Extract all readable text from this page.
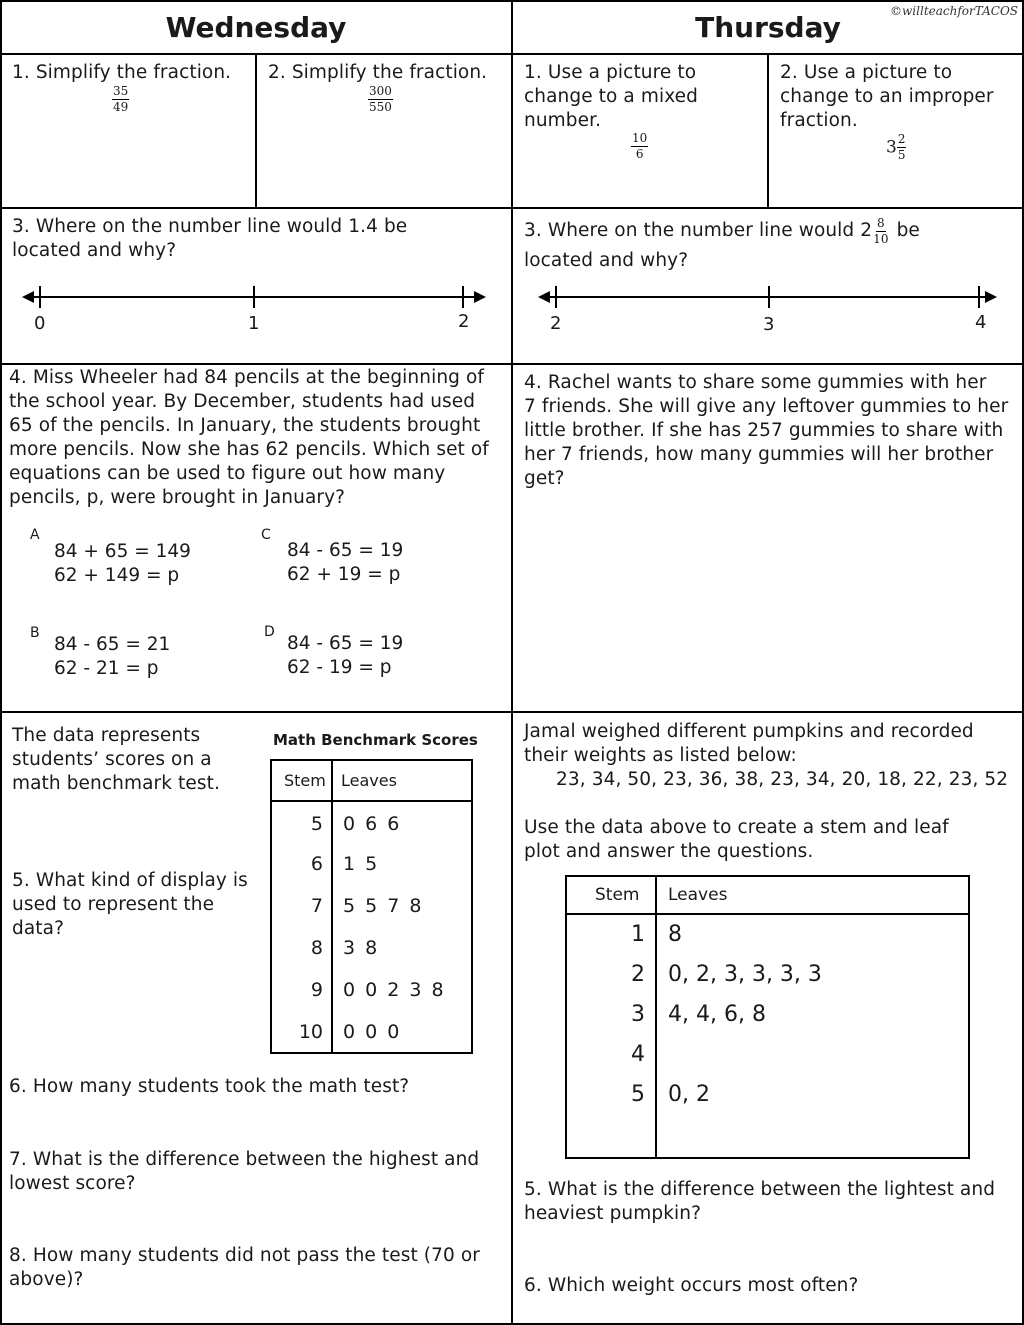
Wednesday	Thursday	©willteachforTACOS
1. Simplify the fraction.
$\frac{35}{49}$
2. Simplify the fraction.
$\frac{300}{550}$
1. Use a picture to
change to a mixed
number.
$\frac{10}{6}$
2. Use a picture to
change to an improper
fraction.
$3 \frac{2}{5}$
3. Where on the number line would 1.4 be
located and why?
0	1	2
3. Where on the number line would $2 \frac{8}{10}$ be
located and why?
2	3	4
4. Miss Wheeler had 84 pencils at the beginning of
the school year. By December, students had used
65 of the pencils. In January, the students brought
more pencils. Now she has 62 pencils. Which set of
equations can be used to figure out how many
pencils, p, were brought in January?
A
84 + 65 = 149
62 + 149 = p
C
84 - 65 = 19
62 + 19 = p
B
84 - 65 = 21
62 - 21 = p
D
84 - 65 = 19
62 - 19 = p
4. Rachel wants to share some gummies with her
7 friends. She will give any leftover gummies to her
little brother. If she has 257 gummies to share with
her 7 friends, how many gummies will her brother
get?
The data represents
students’ scores on a
math benchmark test.
5. What kind of display is
used to represent the
data?
Math Benchmark Scores
Stem	Leaves
5	0 6 6
6	1 5
7	5 5 7 8
8	3 8
9	0 0 2 3 8
10	0 0 0
6. How many students took the math test?
7. What is the difference between the highest and
lowest score?
8. How many students did not pass the test (70 or
above)?
Jamal weighed different pumpkins and recorded
their weights as listed below:
23, 34, 50, 23, 36, 38, 23, 34, 20, 18, 22, 23, 52
Use the data above to create a stem and leaf
plot and answer the questions.
Stem	Leaves
1	8
2	0, 2, 3, 3, 3, 3
3	4, 4, 6, 8
4	
5	0, 2

5. What is the difference between the lightest and
heaviest pumpkin?
6. Which weight occurs most often?
